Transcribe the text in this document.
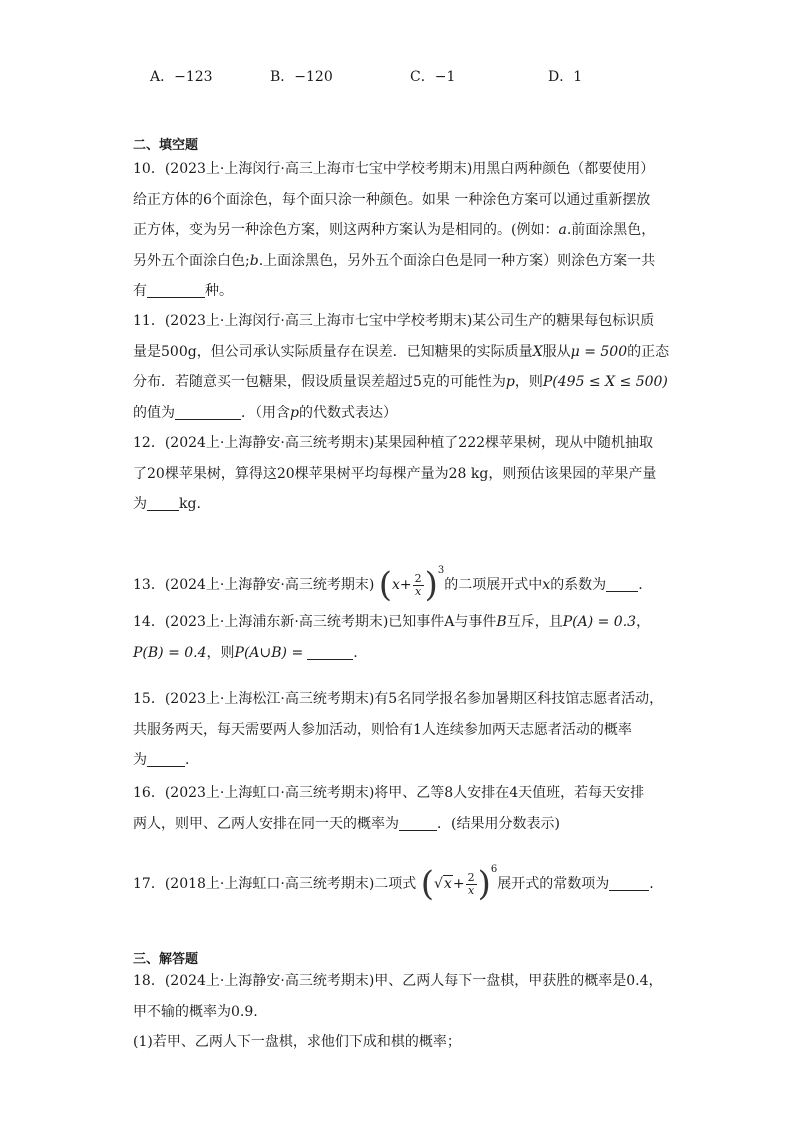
A．−123	B．−120	C．−1	D．1
二、填空题
10．(2023上·上海闵行·高三上海市七宝中学校考期末)用黑白两种颜色（都要使用）
给正方体的6个面涂色，每个面只涂一种颜色。如果 一种涂色方案可以通过重新摆放
正方体，变为另一种涂色方案，则这两种方案认为是相同的。(例如：a.前面涂黑色，
另外五个面涂白色;b.上面涂黑色，另外五个面涂白色是同一种方案）则涂色方案一共
有	种。
11．(2023上·上海闵行·高三上海市七宝中学校考期末)某公司生产的糖果每包标识质
量是500g，但公司承认实际质量存在误差．已知糖果的实际质量X服从μ = 500的正态
分布．若随意买一包糖果，假设质量误差超过5克的可能性为p，则P(495 ≤ X ≤ 500)
的值为	．（用含p的代数式表达）
12．(2024上·上海静安·高三统考期末)某果园种植了222棵苹果树，现从中随机抽取
了20棵苹果树，算得这20棵苹果树平均每棵产量为28 kg，则预估该果园的苹果产量
为 kg.
13．(2024上·上海静安·高三统考期末) $(x+ \frac{2}{x} )^3$的二项展开式中x的系数为 .
14．(2023上·上海浦东新·高三统考期末)已知事件A与事件B互斥，且P(A) = 0.3，
P(B) = 0.4，则P(A∪B) =	.
15．(2023上·上海松江·高三统考期末)有5名同学报名参加暑期区科技馆志愿者活动，
共服务两天，每天需要两人参加活动，则恰有1人连续参加两天志愿者活动的概率
为	.
16．(2023上·上海虹口·高三统考期末)将甲、乙等8人安排在4天值班，若每天安排
两人，则甲、乙两人安排在同一天的概率为	．(结果用分数表示)
17．(2018上·上海虹口·高三统考期末)二项式 $(√x+ \frac{2}{x} )^6$展开式的常数项为	.
三、解答题
18．(2024上·上海静安·高三统考期末)甲、乙两人每下一盘棋，甲获胜的概率是0.4，
甲不输的概率为0.9.
(1)若甲、乙两人下一盘棋，求他们下成和棋的概率；
